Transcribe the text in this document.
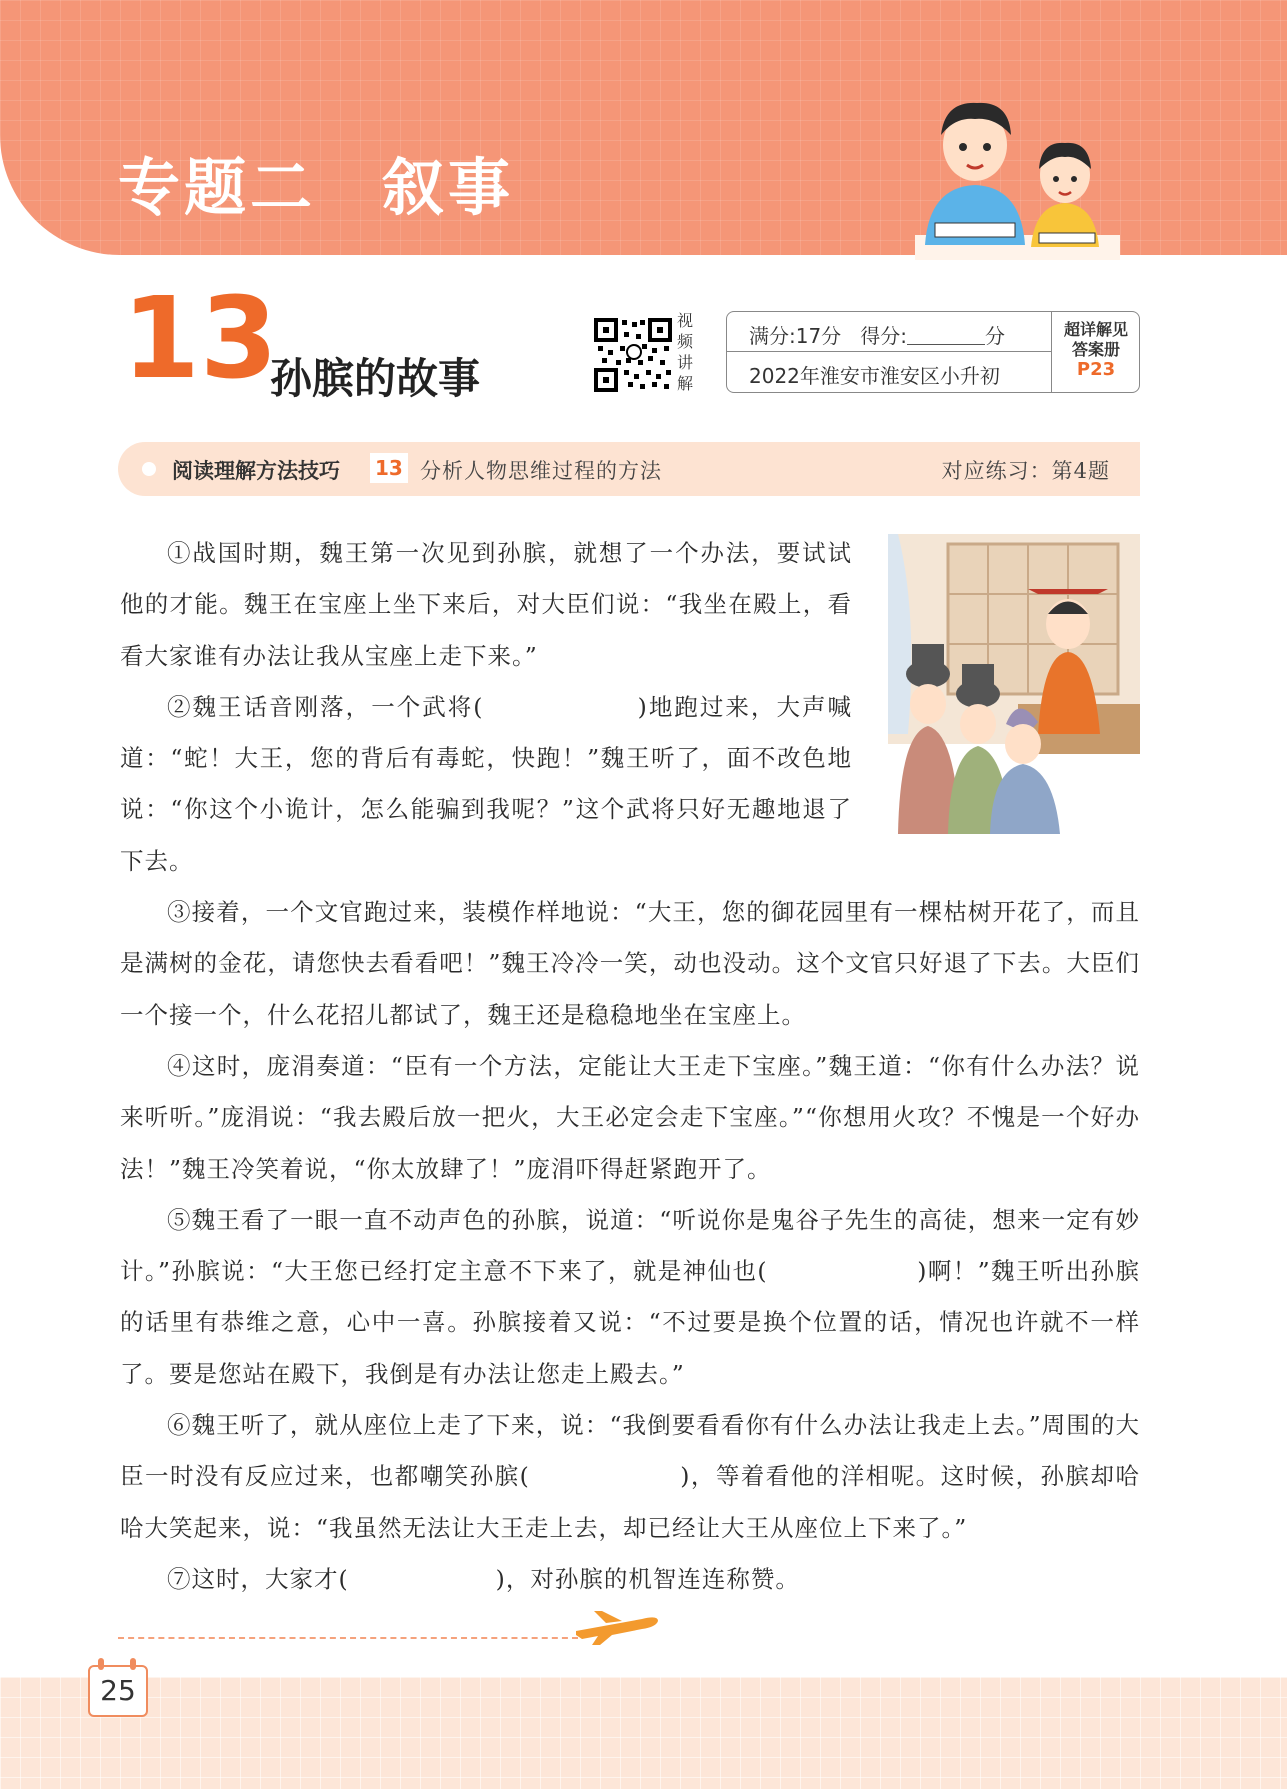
专题二　叙事
13
孙膑的故事
视频讲解
满分:17分 得分:	分
2022年淮安市淮安区小升初
超详解见
答案册
P23
阅读理解方法技巧 13 分析人物思维过程的方法	对应练习：第4题

①战国时期，魏王第一次见到孙膑，就想了一个办法，要试试他的才能。魏王在宝座上坐下来后，对大臣们说：“我坐在殿上，看看大家谁有办法让我从宝座上走下来。”

②魏王话音刚落，一个武将(　　　　　　)地跑过来，大声喊道：“蛇！大王，您的背后有毒蛇，快跑！”魏王听了，面不改色地说：“你这个小诡计，怎么能骗到我呢？”这个武将只好无趣地退了下去。

③接着，一个文官跑过来，装模作样地说：“大王，您的御花园里有一棵枯树开花了，而且是满树的金花，请您快去看看吧！”魏王冷冷一笑，动也没动。这个文官只好退了下去。大臣们一个接一个，什么花招儿都试了，魏王还是稳稳地坐在宝座上。

④这时，庞涓奏道：“臣有一个方法，定能让大王走下宝座。”魏王道：“你有什么办法？说来听听。”庞涓说：“我去殿后放一把火，大王必定会走下宝座。”“你想用火攻？不愧是一个好办法！”魏王冷笑着说，“你太放肆了！”庞涓吓得赶紧跑开了。

⑤魏王看了一眼一直不动声色的孙膑，说道：“听说你是鬼谷子先生的高徒，想来一定有妙计。”孙膑说：“大王您已经打定主意不下来了，就是神仙也(　　　　　　)啊！”魏王听出孙膑的话里有恭维之意，心中一喜。孙膑接着又说：“不过要是换个位置的话，情况也许就不一样了。要是您站在殿下，我倒是有办法让您走上殿去。”

⑥魏王听了，就从座位上走了下来，说：“我倒要看看你有什么办法让我走上去。”周围的大臣一时没有反应过来，也都嘲笑孙膑(　　　　　　)，等着看他的洋相呢。这时候，孙膑却哈哈大笑起来，说：“我虽然无法让大王走上去，却已经让大王从座位上下来了。”

⑦这时，大家才(　　　　　　)，对孙膑的机智连连称赞。

25
